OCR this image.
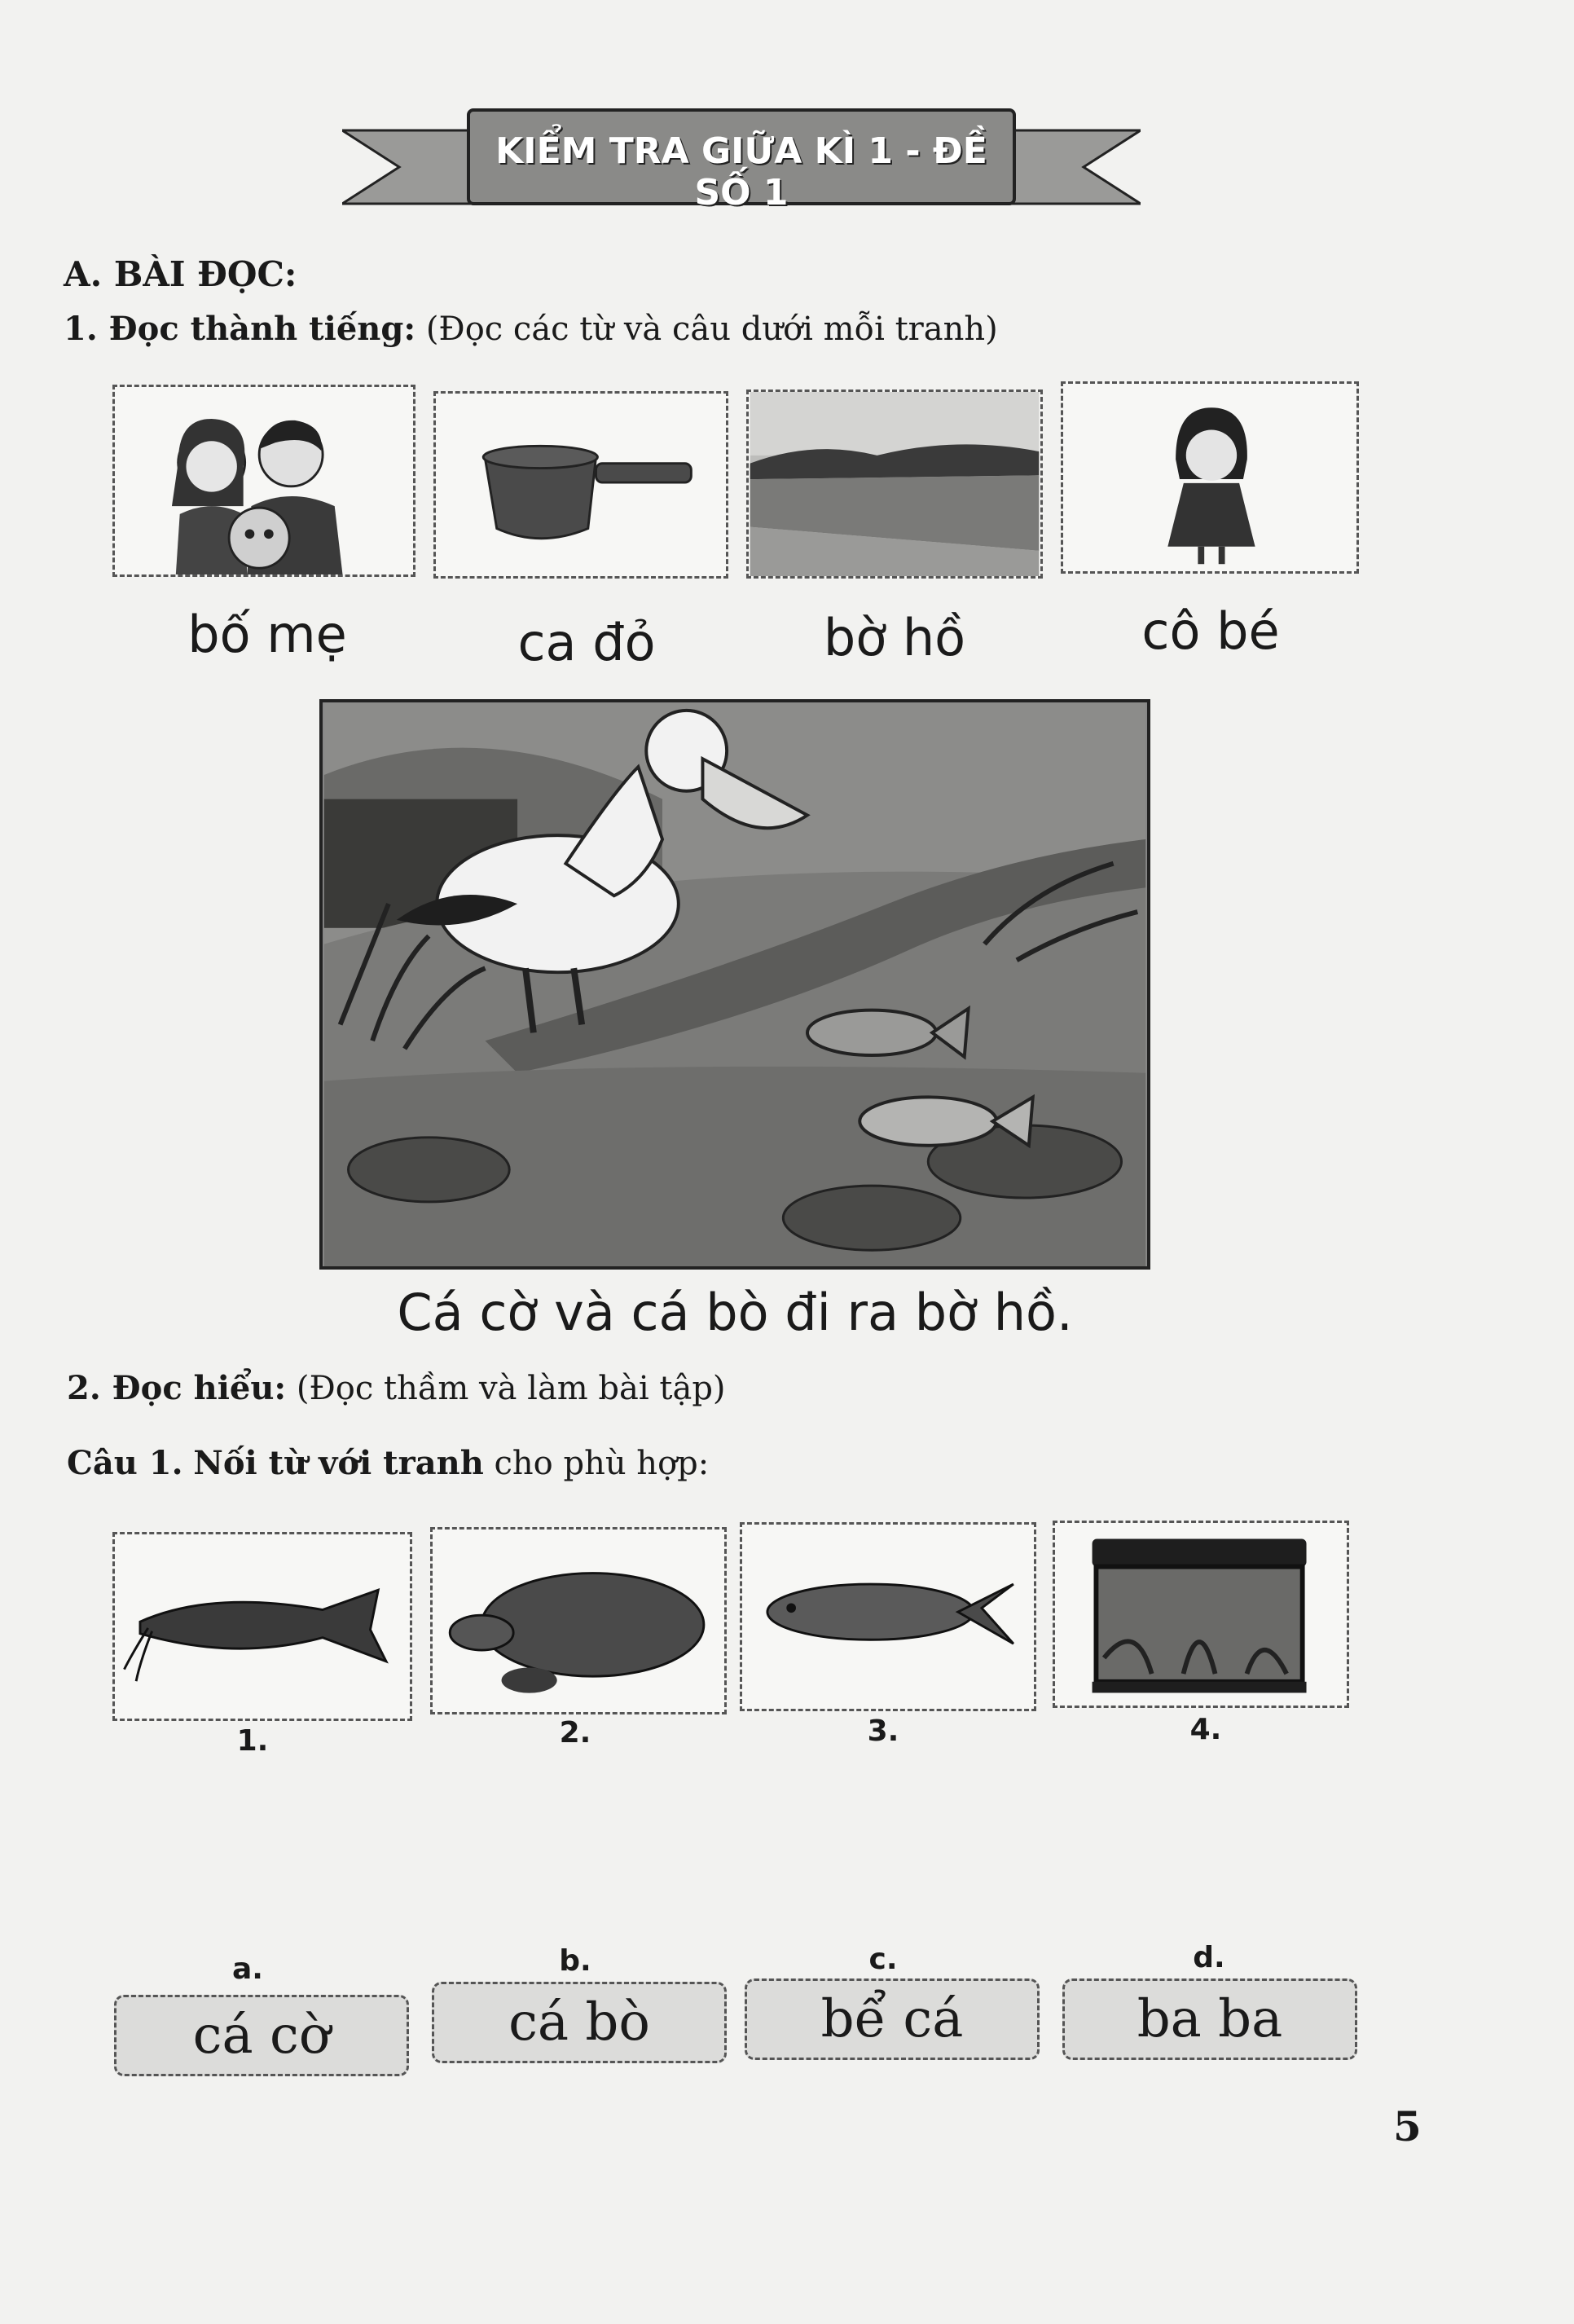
KIỂM TRA GIỮA KÌ 1 - ĐỀ SỐ 1
A. BÀI ĐỌC:
1. Đọc thành tiếng: (Đọc các từ và câu dưới mỗi tranh)
bố mẹ	ca đỏ	bờ hồ	cô bé
Cá cờ và cá bò đi ra bờ hồ.
2. Đọc hiểu: (Đọc thầm và làm bài tập)
Câu 1. Nối từ với tranh cho phù hợp:
1.	2.	3.	4.
a.	b.	c.	d.
cá cờ	cá bò	bể cá	ba ba
5
